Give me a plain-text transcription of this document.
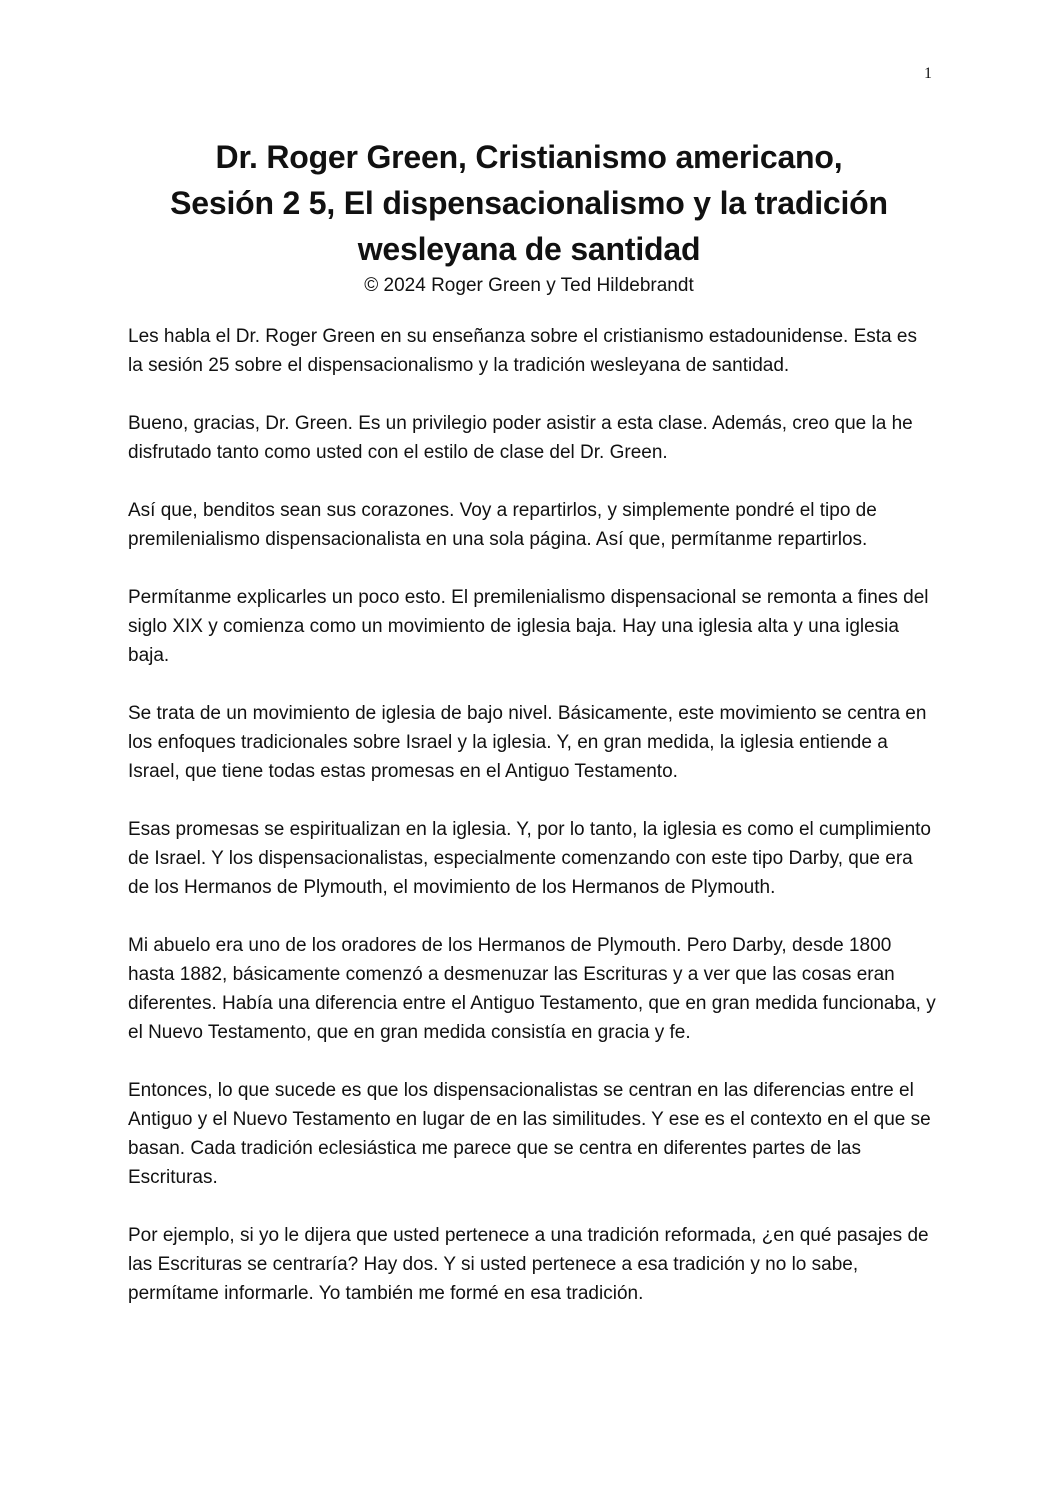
1
Dr. Roger Green, Cristianismo americano,
Sesión 2 5, El dispensacionalismo y la tradición
wesleyana de santidad

© 2024 Roger Green y Ted Hildebrandt

Les habla el Dr. Roger Green en su enseñanza sobre el cristianismo estadounidense. Esta es la sesión 25 sobre el dispensacionalismo y la tradición wesleyana de santidad.

Bueno, gracias, Dr. Green. Es un privilegio poder asistir a esta clase. Además, creo que la he disfrutado tanto como usted con el estilo de clase del Dr. Green.

Así que, benditos sean sus corazones. Voy a repartirlos, y simplemente pondré el tipo de premilenialismo dispensacionalista en una sola página. Así que, permítanme repartirlos.

Permítanme explicarles un poco esto. El premilenialismo dispensacional se remonta a fines del siglo XIX y comienza como un movimiento de iglesia baja. Hay una iglesia alta y una iglesia baja.

Se trata de un movimiento de iglesia de bajo nivel. Básicamente, este movimiento se centra en los enfoques tradicionales sobre Israel y la iglesia. Y, en gran medida, la iglesia entiende a Israel, que tiene todas estas promesas en el Antiguo Testamento.

Esas promesas se espiritualizan en la iglesia. Y, por lo tanto, la iglesia es como el cumplimiento de Israel. Y los dispensacionalistas, especialmente comenzando con este tipo Darby, que era de los Hermanos de Plymouth, el movimiento de los Hermanos de Plymouth.

Mi abuelo era uno de los oradores de los Hermanos de Plymouth. Pero Darby, desde 1800 hasta 1882, básicamente comenzó a desmenuzar las Escrituras y a ver que las cosas eran diferentes. Había una diferencia entre el Antiguo Testamento, que en gran medida funcionaba, y el Nuevo Testamento, que en gran medida consistía en gracia y fe.

Entonces, lo que sucede es que los dispensacionalistas se centran en las diferencias entre el Antiguo y el Nuevo Testamento en lugar de en las similitudes. Y ese es el contexto en el que se basan. Cada tradición eclesiástica me parece que se centra en diferentes partes de las Escrituras.

Por ejemplo, si yo le dijera que usted pertenece a una tradición reformada, ¿en qué pasajes de las Escrituras se centraría? Hay dos. Y si usted pertenece a esa tradición y no lo sabe, permítame informarle. Yo también me formé en esa tradición.
